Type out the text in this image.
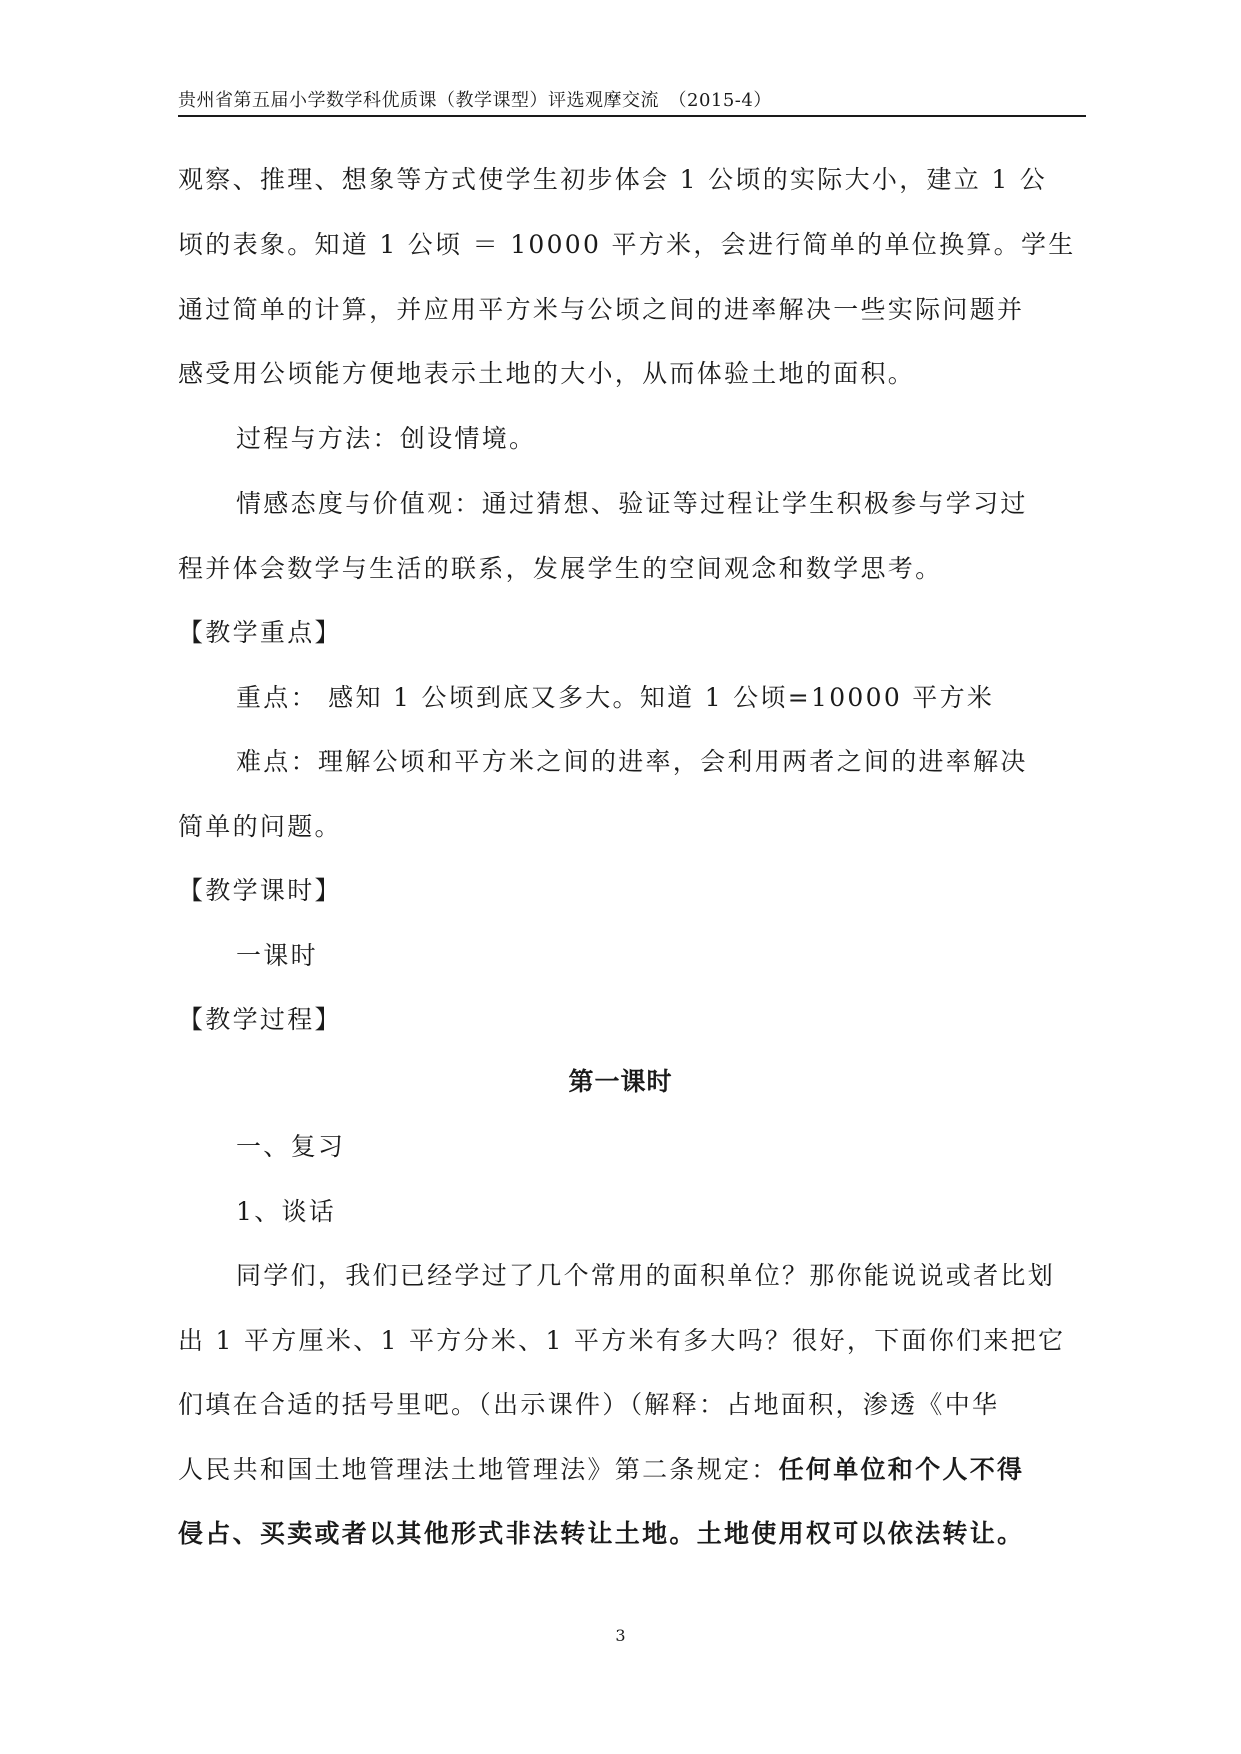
贵州省第五届小学数学科优质课（教学课型）评选观摩交流　（2015-4）
观察、推理、想象等方式使学生初步体会 1 公顷的实际大小，建立 1 公
顷的表象。知道 1 公顷 ＝ 10000 平方米，会进行简单的单位换算。学生
通过简单的计算，并应用平方米与公顷之间的进率解决一些实际问题并
感受用公顷能方便地表示土地的大小，从而体验土地的面积。
过程与方法：创设情境。
情感态度与价值观：通过猜想、验证等过程让学生积极参与学习过
程并体会数学与生活的联系，发展学生的空间观念和数学思考。
【教学重点】
重点： 感知 1 公顷到底又多大。知道 1 公顷=10000 平方米
难点：理解公顷和平方米之间的进率，会利用两者之间的进率解决
简单的问题。
【教学课时】
一课时
【教学过程】
第一课时
一、复习
1、谈话
同学们，我们已经学过了几个常用的面积单位？那你能说说或者比划
出 1 平方厘米、1 平方分米、1 平方米有多大吗？很好，下面你们来把它
们填在合适的括号里吧。（出示课件）（解释：占地面积，渗透《中华
人民共和国土地管理法土地管理法》第二条规定：任何单位和个人不得
侵占、买卖或者以其他形式非法转让土地。土地使用权可以依法转让。
3
